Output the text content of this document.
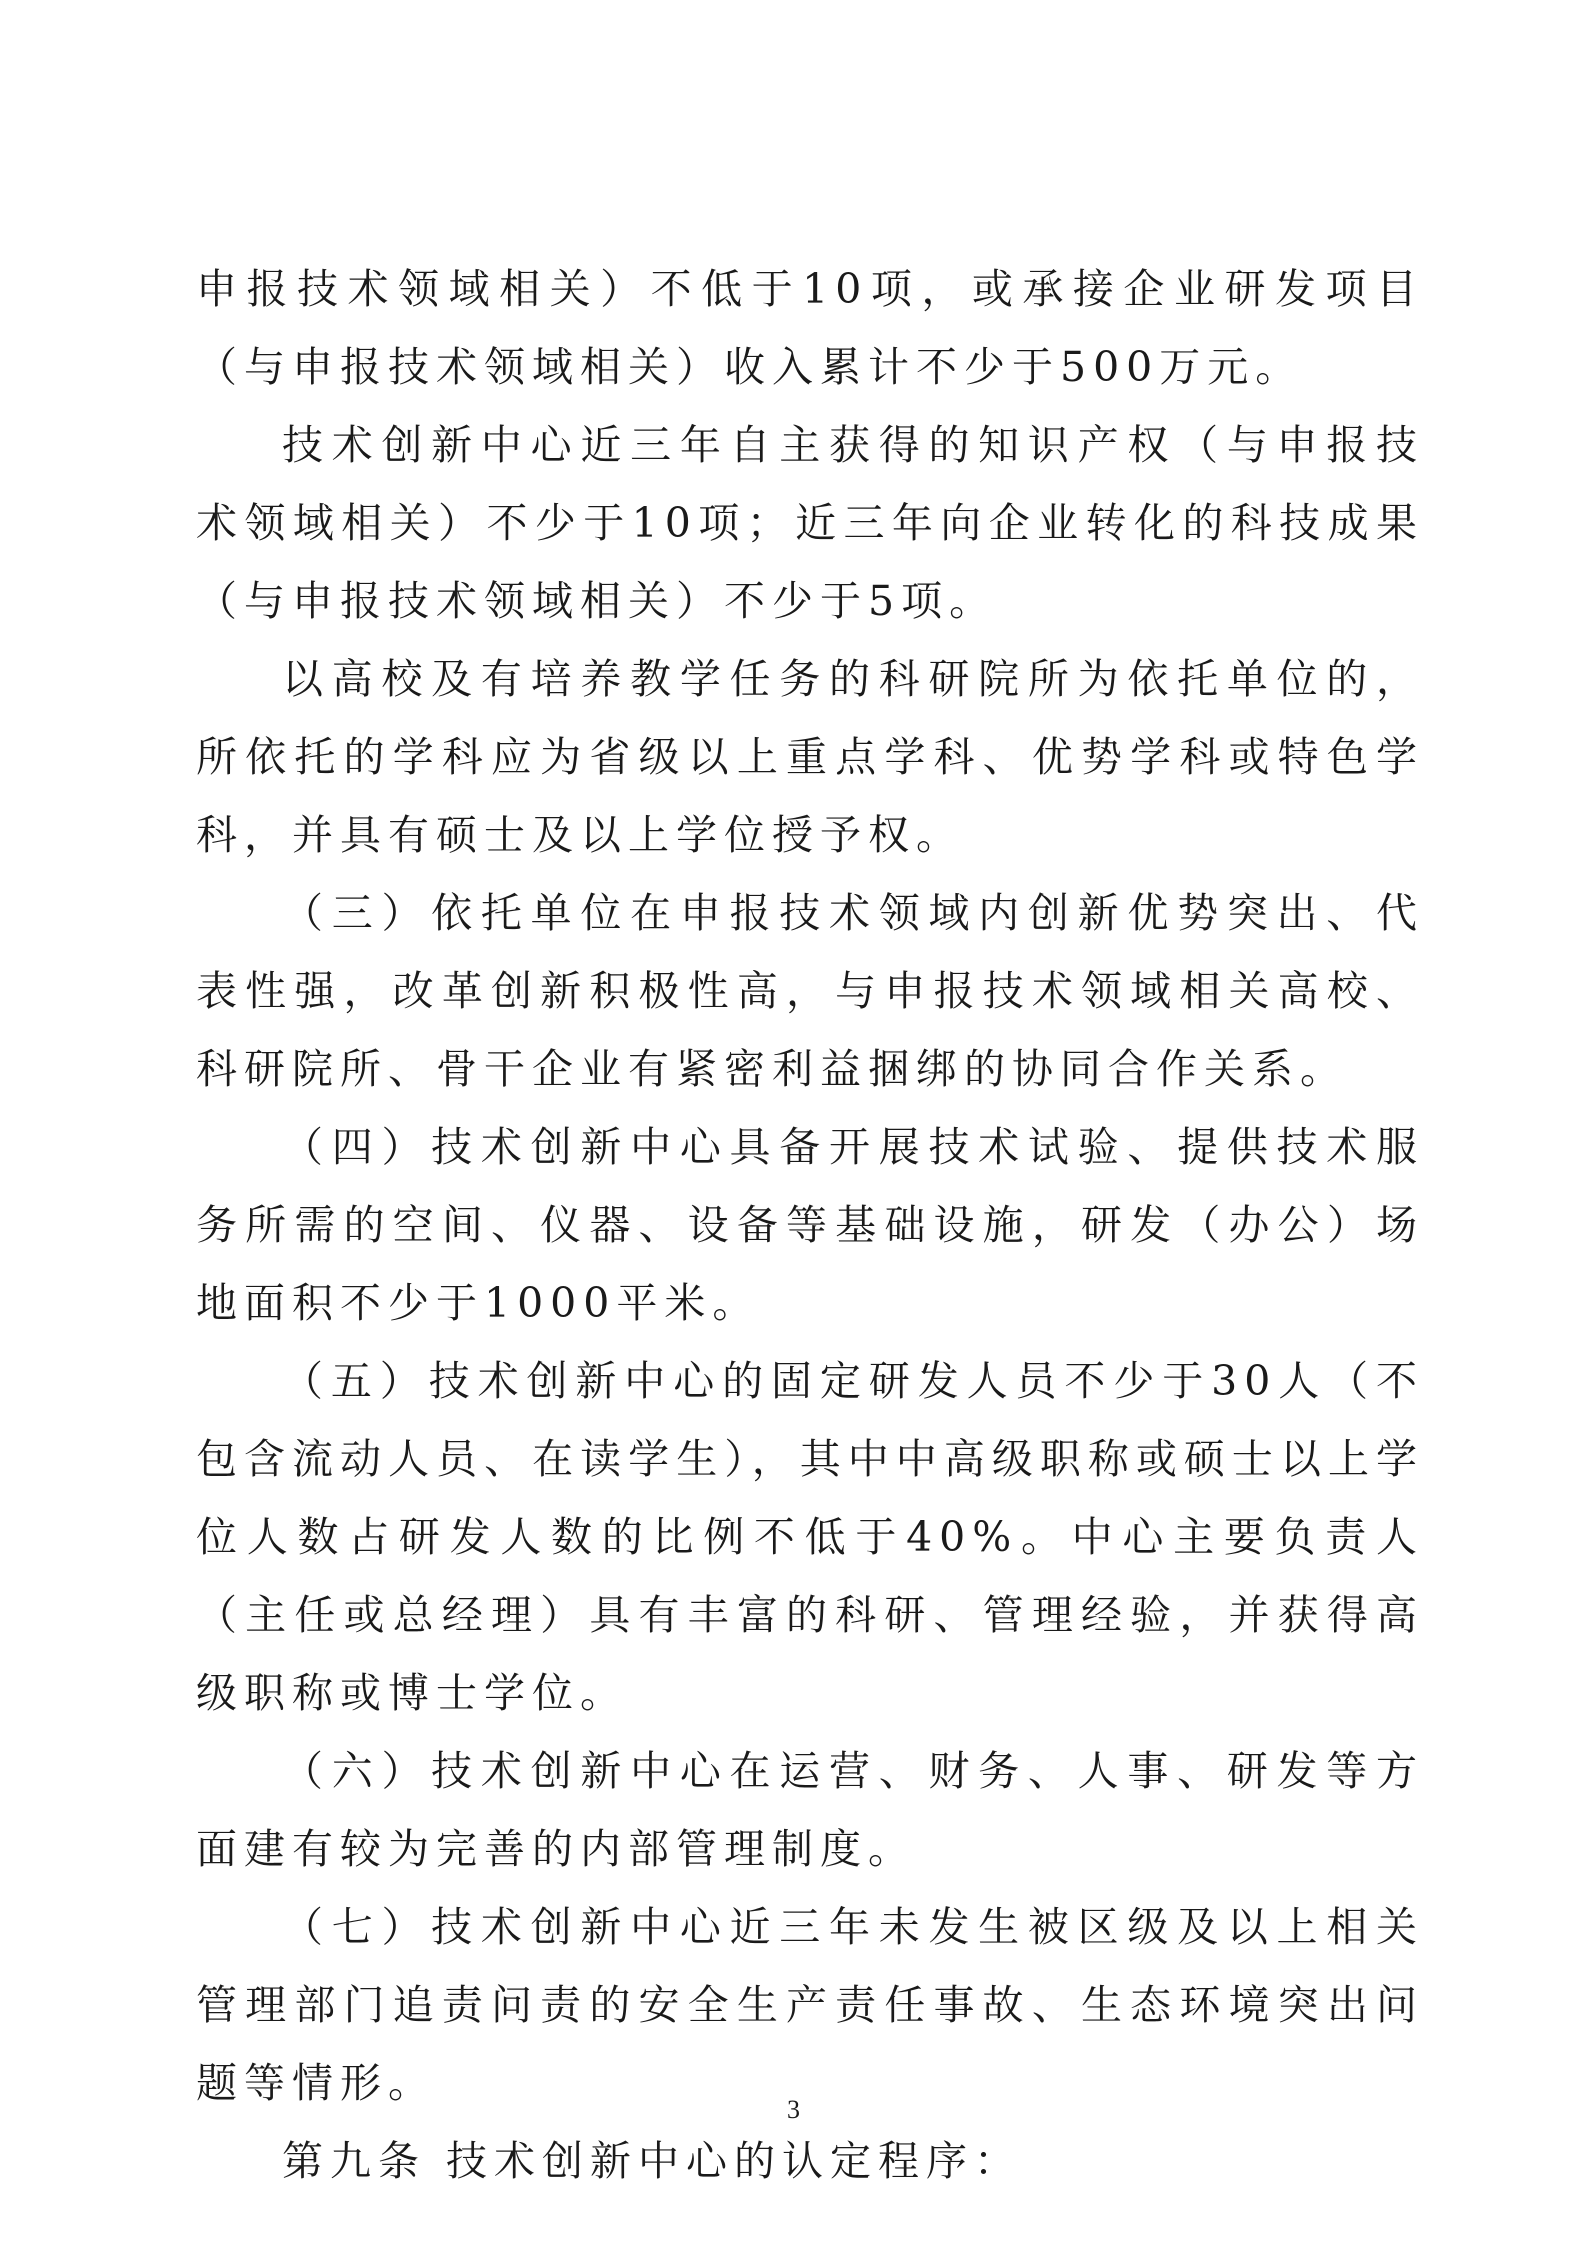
申报技术领域相关）不低于10项，或承接企业研发项目（与申报技术领域相关）收入累计不少于500万元。

技术创新中心近三年自主获得的知识产权（与申报技术领域相关）不少于10项；近三年向企业转化的科技成果（与申报技术领域相关）不少于5项。

以高校及有培养教学任务的科研院所为依托单位的，所依托的学科应为省级以上重点学科、优势学科或特色学科，并具有硕士及以上学位授予权。

（三）依托单位在申报技术领域内创新优势突出、代表性强，改革创新积极性高，与申报技术领域相关高校、科研院所、骨干企业有紧密利益捆绑的协同合作关系。

（四）技术创新中心具备开展技术试验、提供技术服务所需的空间、仪器、设备等基础设施，研发（办公）场地面积不少于1000平米。

（五）技术创新中心的固定研发人员不少于30人（不包含流动人员、在读学生），其中中高级职称或硕士以上学位人数占研发人数的比例不低于40%。中心主要负责人（主任或总经理）具有丰富的科研、管理经验，并获得高级职称或博士学位。

（六）技术创新中心在运营、财务、人事、研发等方面建有较为完善的内部管理制度。

（七）技术创新中心近三年未发生被区级及以上相关管理部门追责问责的安全生产责任事故、生态环境突出问题等情形。

第九条 技术创新中心的认定程序：

3
